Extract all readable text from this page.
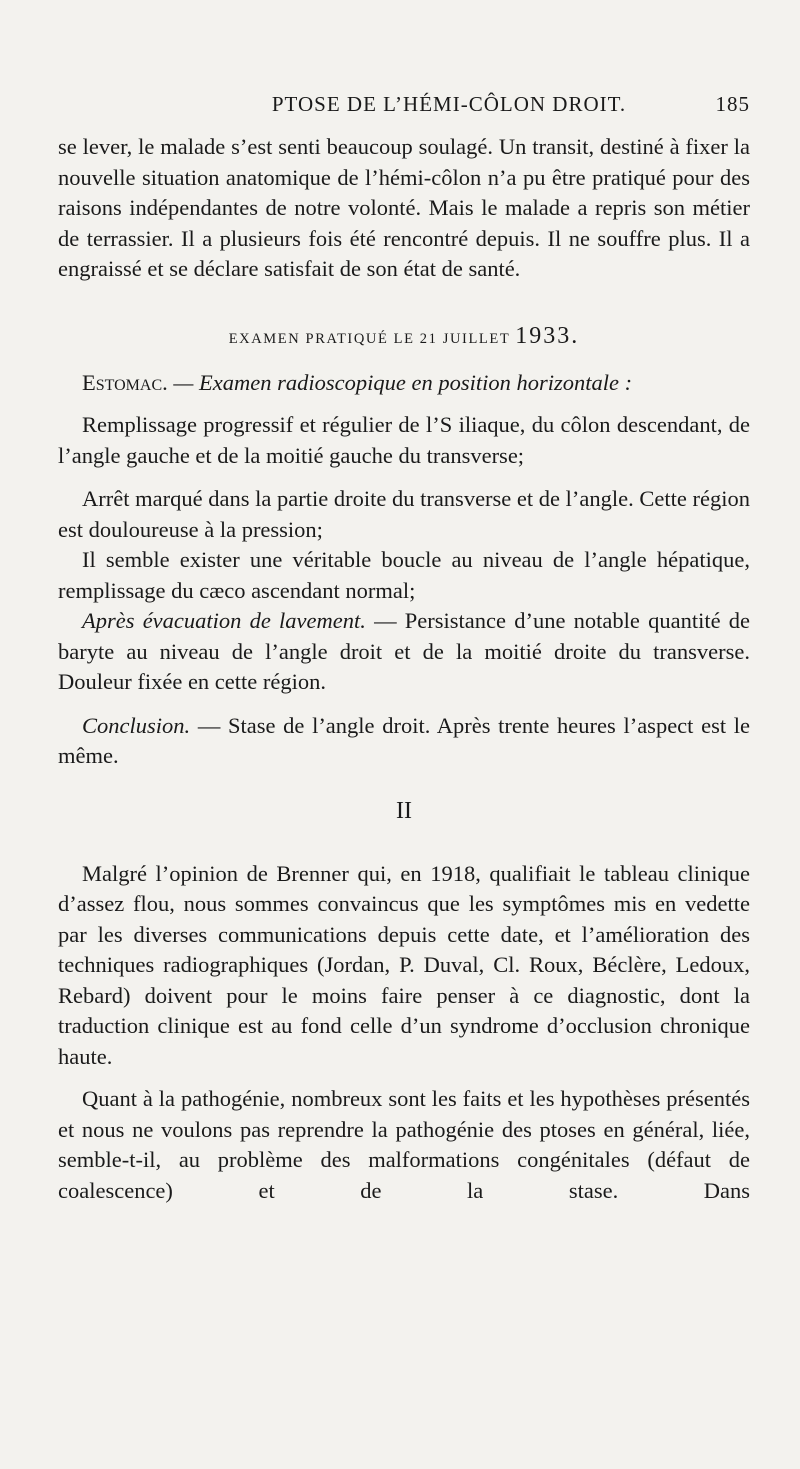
PTOSE DE L’HÉMI-CÔLON DROIT.	185

se lever, le malade s’est senti beaucoup soulagé. Un transit, destiné à fixer la nouvelle situation anatomique de l’hémi-côlon n’a pu être pratiqué pour des raisons indépendantes de notre volonté. Mais le malade a repris son métier de terrassier. Il a plusieurs fois été rencontré depuis. Il ne souffre plus. Il a engraissé et se déclare satisfait de son état de santé.

EXAMEN PRATIQUÉ LE 21 JUILLET 1933.

Estomac. — Examen radioscopique en position horizontale :

Remplissage progressif et régulier de l’S iliaque, du côlon descendant, de l’angle gauche et de la moitié gauche du transverse;

Arrêt marqué dans la partie droite du transverse et de l’angle. Cette région est douloureuse à la pression;

Il semble exister une véritable boucle au niveau de l’angle hépatique, remplissage du cæco ascendant normal;

Après évacuation de lavement. — Persistance d’une notable quantité de baryte au niveau de l’angle droit et de la moitié droite du transverse. Douleur fixée en cette région.

Conclusion. — Stase de l’angle droit. Après trente heures l’aspect est le même.

II

Malgré l’opinion de Brenner qui, en 1918, qualifiait le tableau clinique d’assez flou, nous sommes convaincus que les symptômes mis en vedette par les diverses communications depuis cette date, et l’amélioration des techniques radiographiques (Jordan, P. Duval, Cl. Roux, Béclère, Ledoux, Rebard) doivent pour le moins faire penser à ce diagnostic, dont la traduction clinique est au fond celle d’un syndrome d’occlusion chronique haute.

Quant à la pathogénie, nombreux sont les faits et les hypothèses présentés et nous ne voulons pas reprendre la pathogénie des ptoses en général, liée, semble-t-il, au problème des malformations congénitales (défaut de coalescence) et de la stase. Dans
